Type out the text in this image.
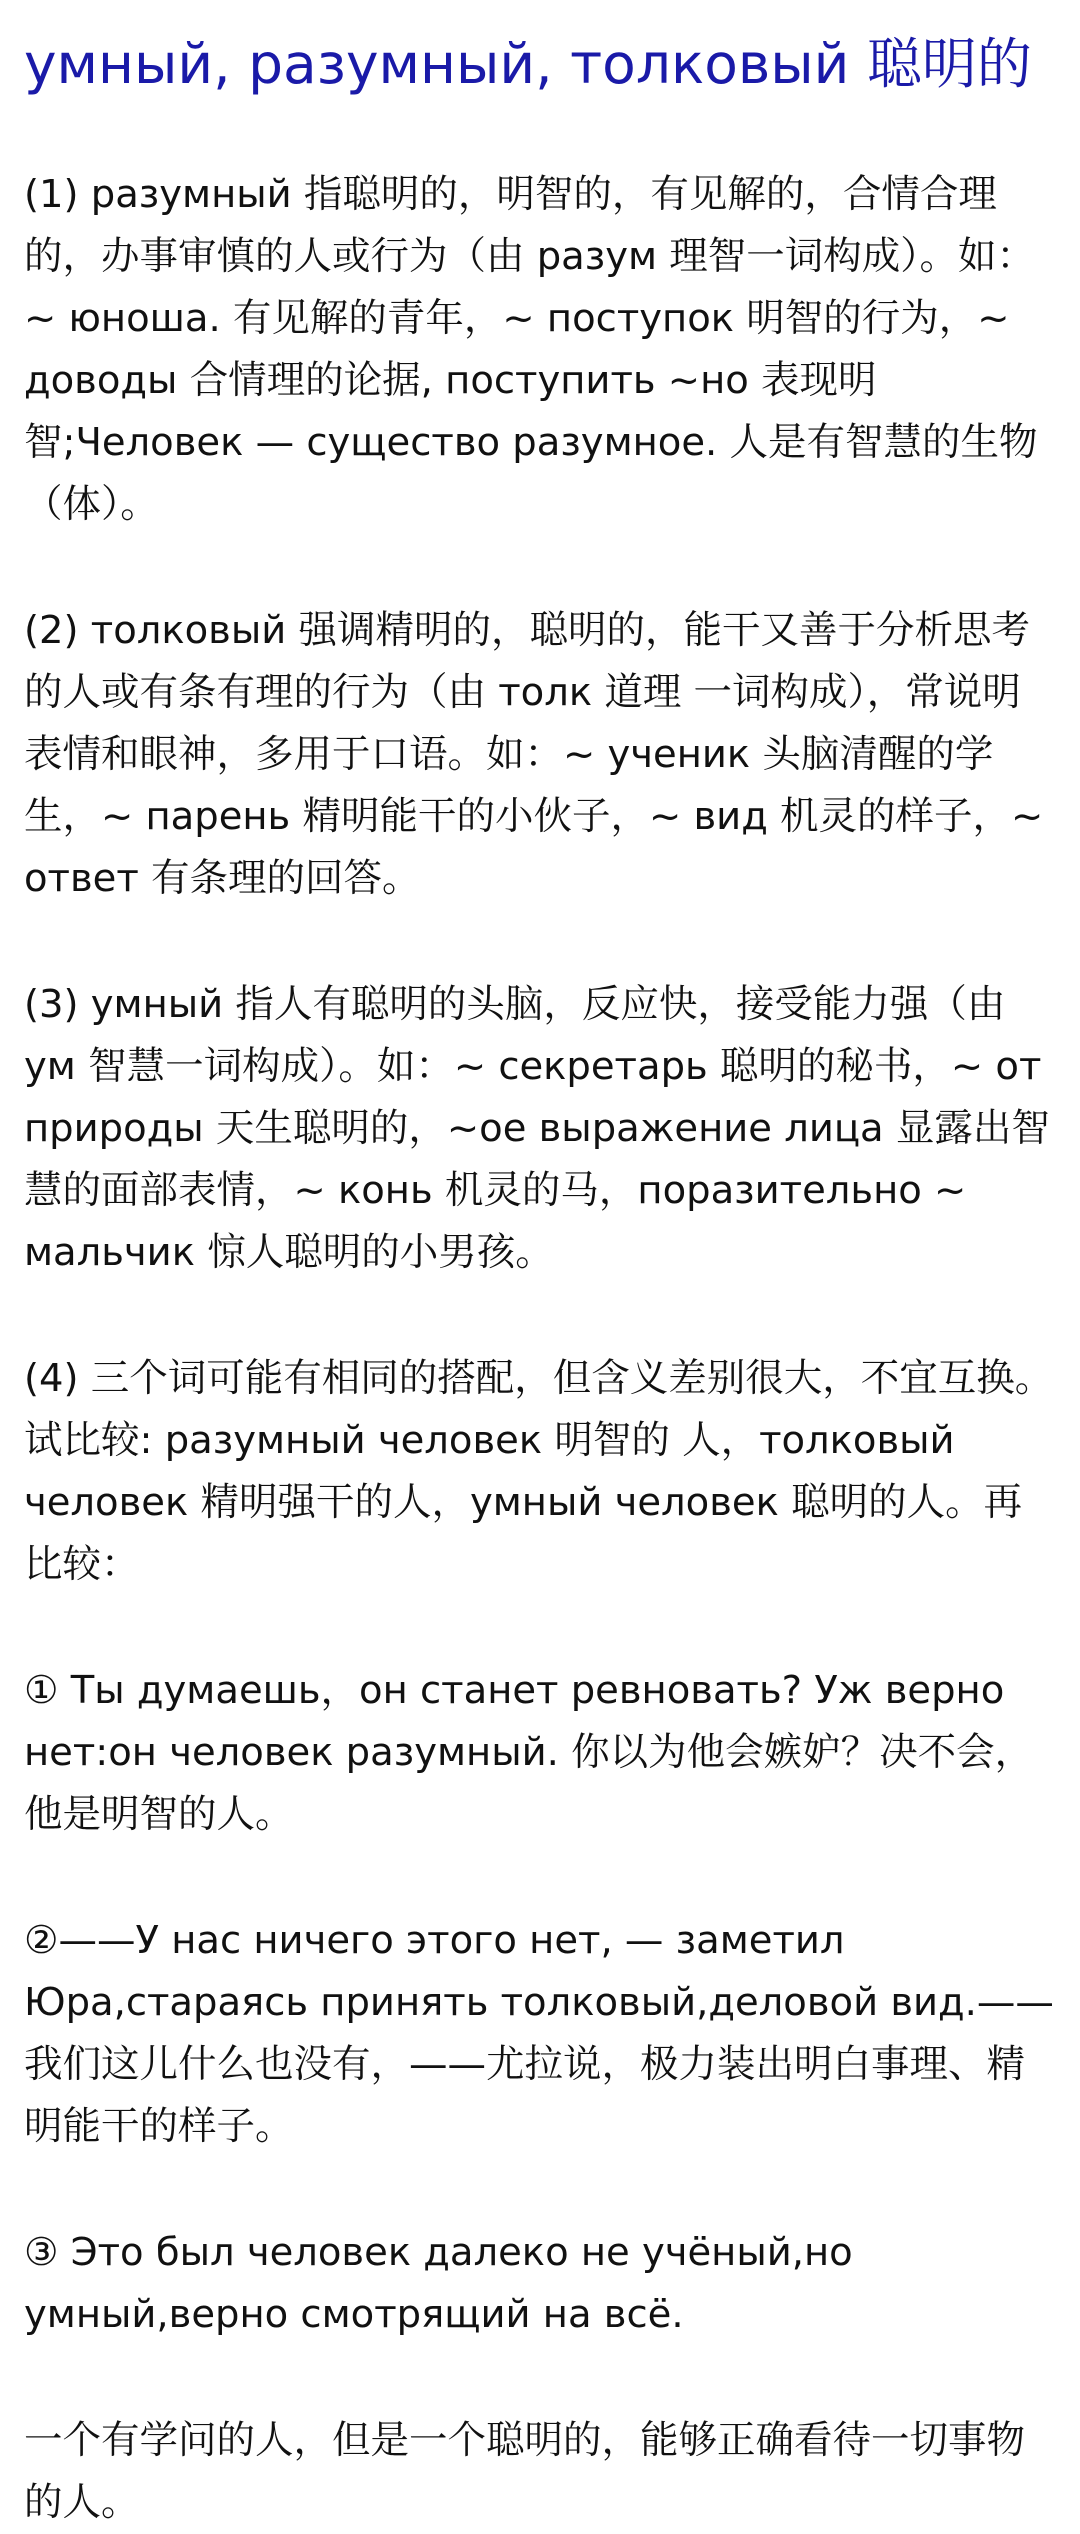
умный, разумный, толковый 聪明的

(1) разумный 指聪明的，明智的，有见解的，合情合理的，办事审慎的人或行为（由 разум 理智一词构成）。如：~ юноша. 有见解的青年，~ поступок 明智的行为，~ доводы 合情理的论据, поступить ~но 表现明智;Человек — существо разумное. 人是有智慧的生物（体）。

(2) толковый 强调精明的，聪明的，能干又善于分析思考的人或有条有理的行为（由 толк 道理 一词构成），常说明表情和眼神，多用于口语。如：~ ученик 头脑清醒的学生，~ парень 精明能干的小伙子，~ вид 机灵的样子，~ ответ 有条理的回答。

(3) умный 指人有聪明的头脑，反应快，接受能力强（由 ум 智慧一词构成）。如：~ секретарь 聪明的秘书，~ от природы 天生聪明的，~ое выражение лица 显露出智慧的面部表情，~ конь 机灵的马，поразительно ~ мальчик 惊人聪明的小男孩。

(4) 三个词可能有相同的搭配，但含义差别很大，不宜互换。试比较: разумный человек 明智的 人，толковый человек 精明强干的人，умный человек 聪明的人。再比较：

① Ты думаешь，он станет ревновать? Уж верно нет:он человек разумный. 你以为他会嫉妒？决不会，他是明智的人。

②——У нас ничего этого нет, — заметил Юра,стараясь принять толковый,деловой вид.——我们这儿什么也没有，——尤拉说，极力装出明白事理、精明能干的样子。

③ Это был человек далеко не учёный,но умный,верно смотрящий на всё.

一个有学问的人，但是一个聪明的，能够正确看待一切事物的人。
